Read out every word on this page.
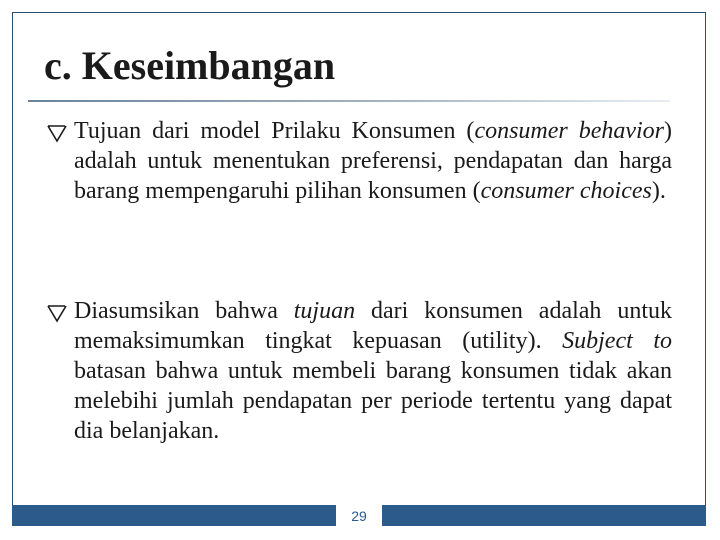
c. Keseimbangan
Tujuan dari model Prilaku Konsumen (consumer behavior) adalah untuk menentukan preferensi, pendapatan dan harga barang mempengaruhi pilihan konsumen (consumer choices).
Diasumsikan bahwa tujuan dari konsumen adalah untuk memaksimumkan tingkat kepuasan (utility). Subject to batasan bahwa untuk membeli barang konsumen tidak akan melebihi jumlah pendapatan per periode tertentu yang dapat dia belanjakan.
29
